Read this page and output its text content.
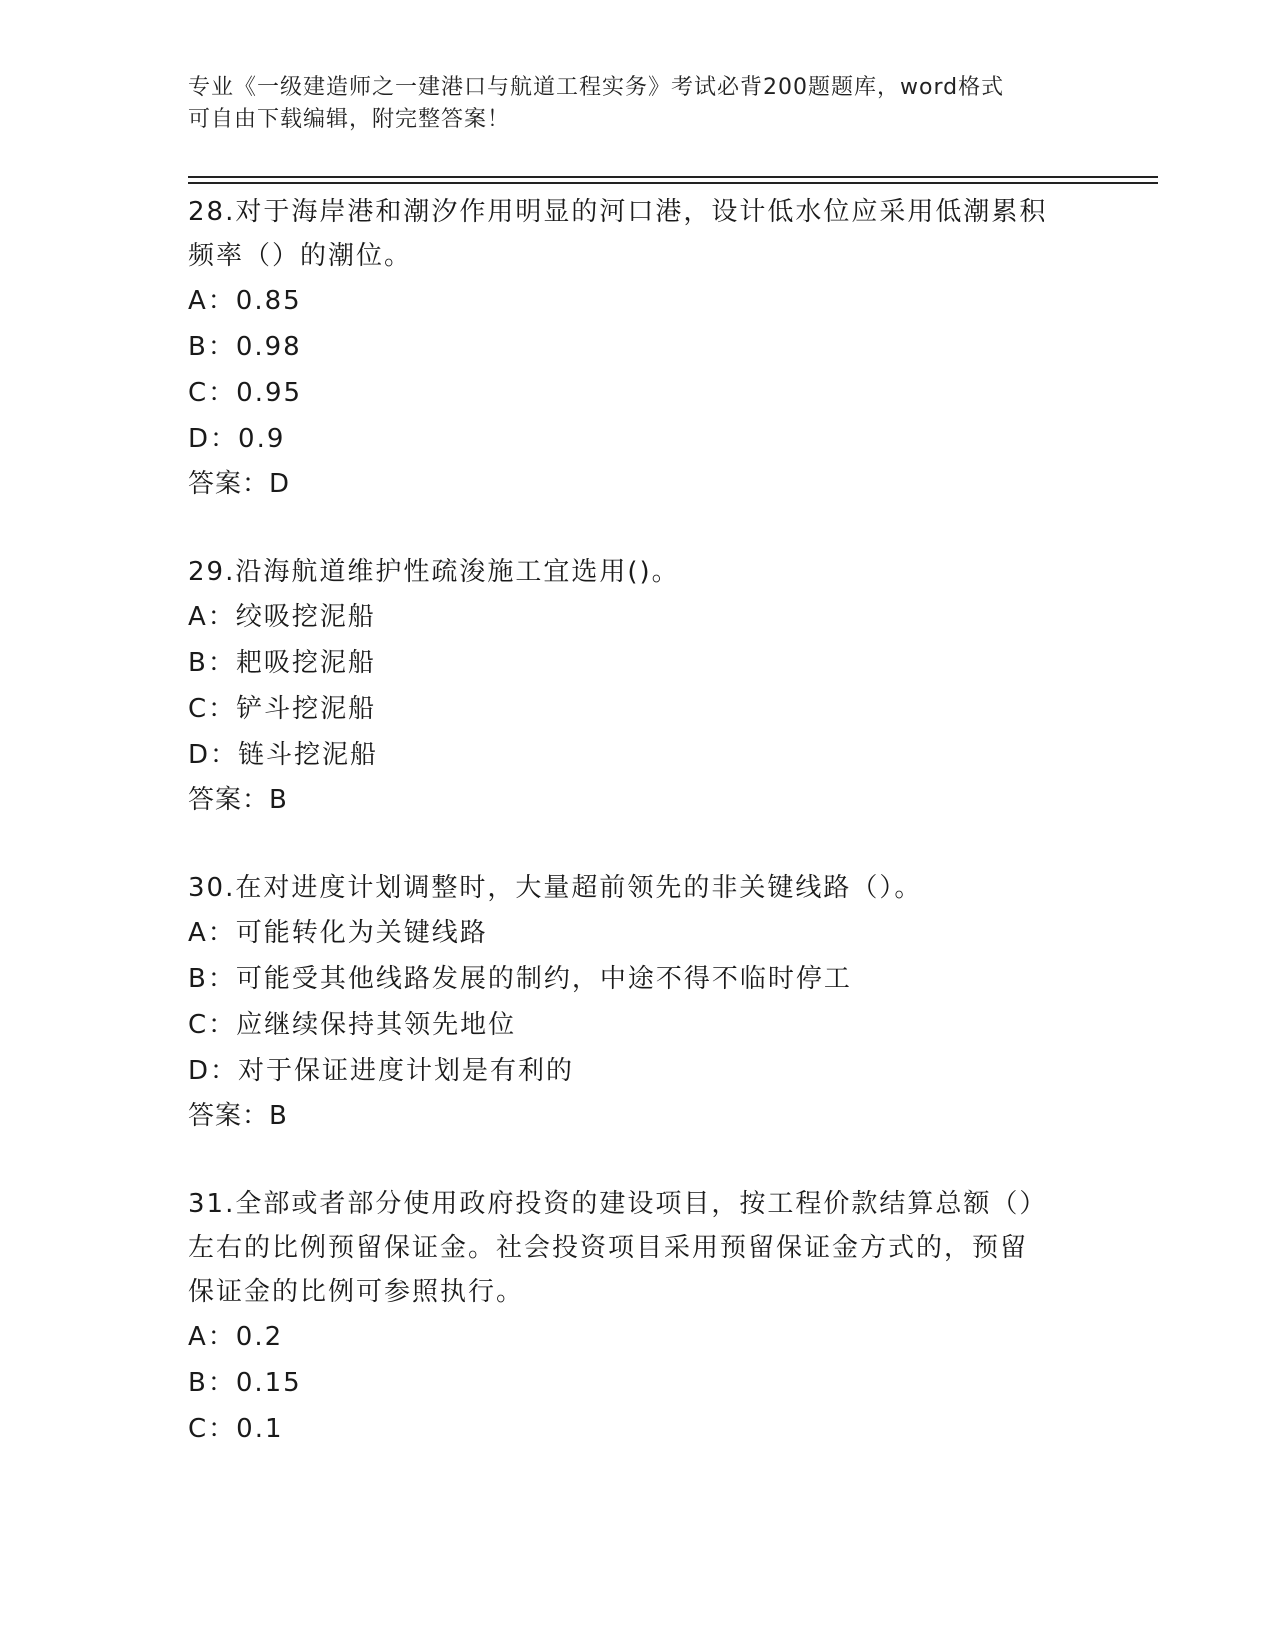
专业《一级建造师之一建港口与航道工程实务》考试必背200题题库，word格式
可自由下载编辑，附完整答案！
28.对于海岸港和潮汐作用明显的河口港，设计低水位应采用低潮累积
频率（）的潮位。
A：0.85
B：0.98
C：0.95
D：0.9
答案：D
29.沿海航道维护性疏浚施工宜选用()。
A：绞吸挖泥船
B：耙吸挖泥船
C：铲斗挖泥船
D：链斗挖泥船
答案：B
30.在对进度计划调整时，大量超前领先的非关键线路（）。
A：可能转化为关键线路
B：可能受其他线路发展的制约，中途不得不临时停工
C：应继续保持其领先地位
D：对于保证进度计划是有利的
答案：B
31.全部或者部分使用政府投资的建设项目，按工程价款结算总额（）
左右的比例预留保证金。社会投资项目采用预留保证金方式的，预留
保证金的比例可参照执行。
A：0.2
B：0.15
C：0.1
